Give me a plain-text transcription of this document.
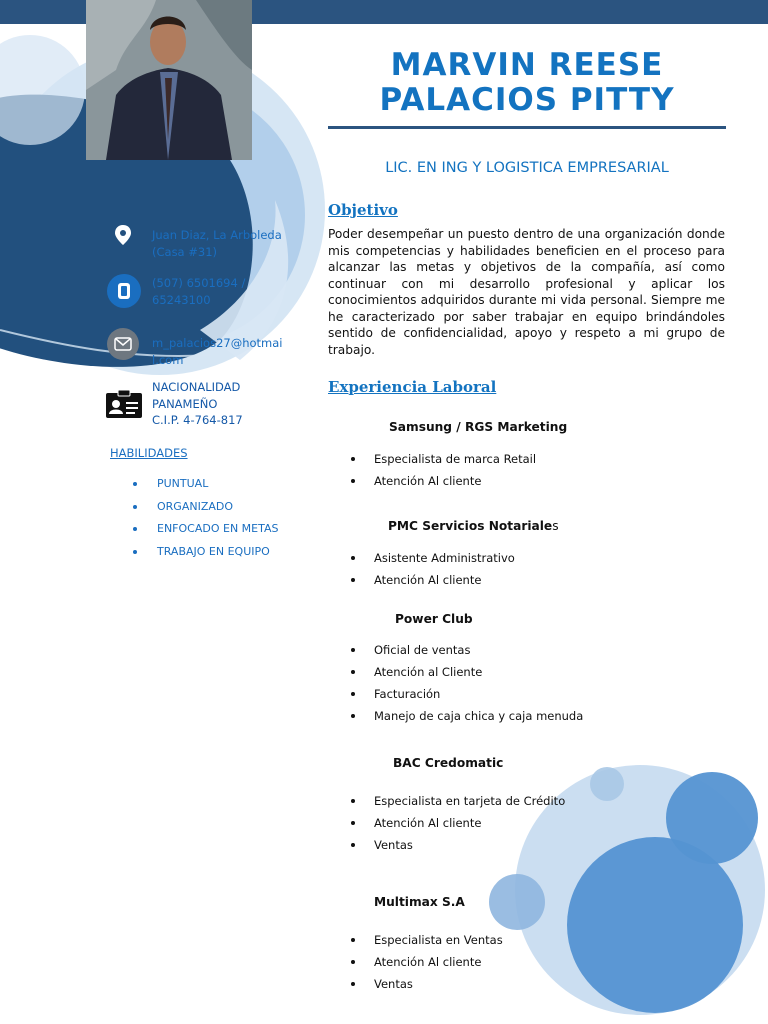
Juan Diaz, La Arboleda
(Casa #31)

(507) 6501694 /
65243100

m_palacios27@hotmai
l.com

NACIONALIDAD
PANAMEÑO
C.I.P. 4-764-817

HABILIDADES

PUNTUAL
ORGANIZADO
ENFOCADO EN METAS
TRABAJO EN EQUIPO
MARVIN REESE
PALACIOS PITTY
LIC. EN ING Y LOGISTICA EMPRESARIAL
Objetivo

Poder desempeñar un puesto dentro de una organización donde mis competencias y habilidades beneficien en el proceso para alcanzar las metas y objetivos de la compañía, así como continuar con mi desarrollo profesional y aplicar los conocimientos adquiridos durante mi vida personal. Siempre me he caracterizado por saber trabajar en equipo brindándoles sentido de confidencialidad, apoyo y respeto a mi grupo de trabajo.

Experiencia Laboral

Samsung / RGS Marketing

Especialista de marca Retail
Atención Al cliente

PMC Servicios Notariales

Asistente Administrativo
Atención Al cliente

Power Club

Oficial de ventas
Atención al Cliente
Facturación
Manejo de caja chica y caja menuda

BAC Credomatic

Especialista en tarjeta de Crédito
Atención Al cliente
Ventas

Multimax S.A

Especialista en Ventas
Atención Al cliente
Ventas
